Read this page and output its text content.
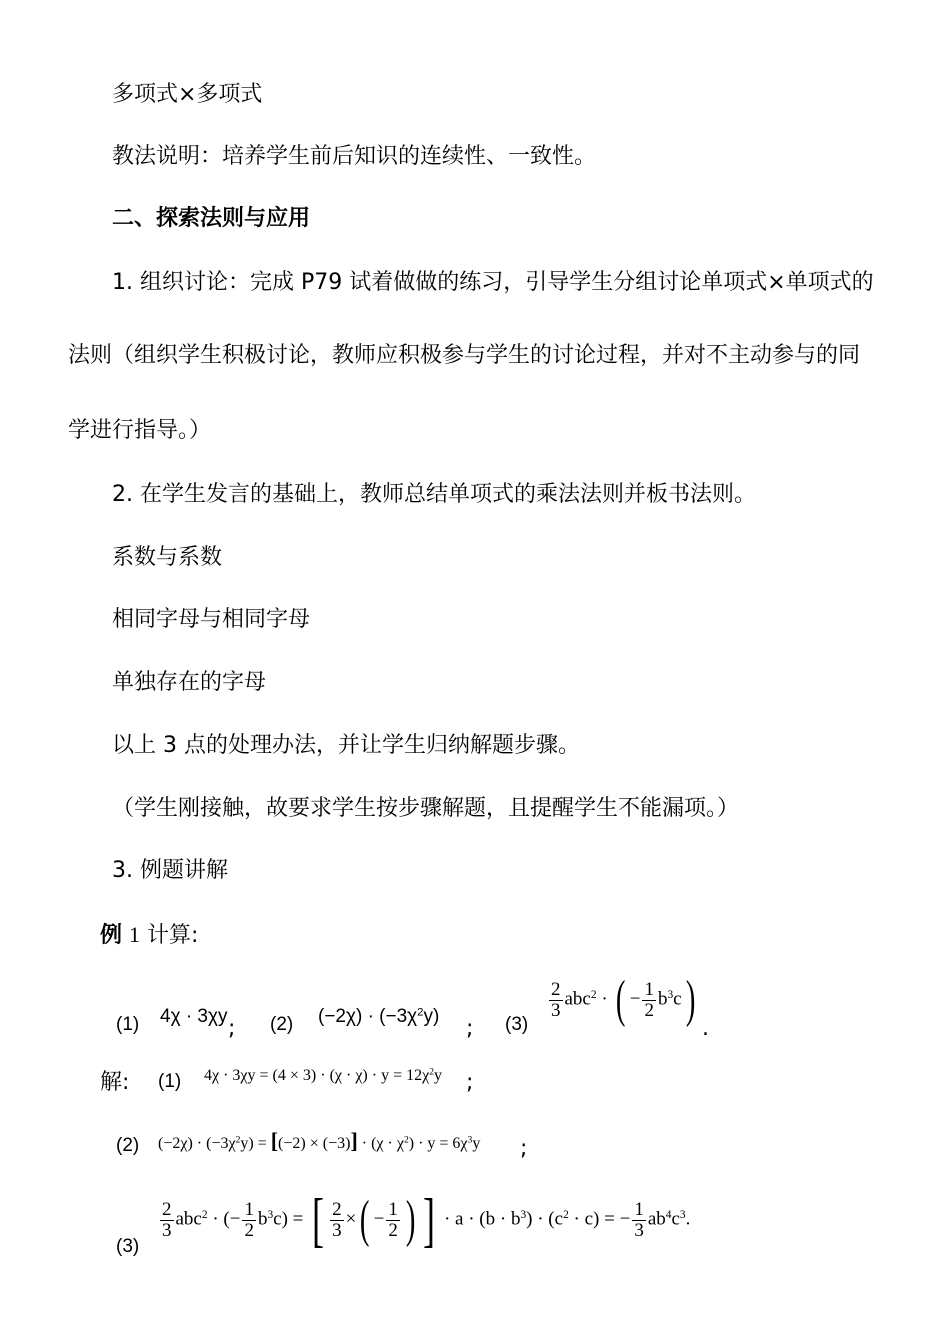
多项式×多项式
教法说明：培养学生前后知识的连续性、一致性。
二、探索法则与应用
1. 组织讨论：完成 P79 试着做做的练习，引导学生分组讨论单项式×单项式的
法则（组织学生积极讨论，教师应积极参与学生的讨论过程，并对不主动参与的同
学进行指导。）
2. 在学生发言的基础上，教师总结单项式的乘法法则并板书法则。
系数与系数
相同字母与相同字母
单独存在的字母
以上 3 点的处理办法，并让学生归纳解题步骤。
（学生刚接触，故要求学生按步骤解题，且提醒学生不能漏项。）
3. 例题讲解
例 1 计算:
(1) 4χ · 3χy ; (2) $(-2\chi) \cdot (-3\chi^2y)$ ; (3)
$\frac{2}{3} abc^2$ · ( − $\frac{1}{2} b^3c$)
.
解: (1) $4\chi \cdot 3\chi y = (4 \times 3) \cdot (\chi \cdot \chi) \cdot y = 12\chi^2y$ ;
(2) $(-2\chi) \cdot (-3\chi^2y) = [(-2) \times (-3)] \cdot (\chi \cdot \chi^2) \cdot y = 6\chi^3y$ ;
(3)
$\frac{2}{3} abc^2$ · (− $\frac{1}{2} b^3c$) = [ $\frac{2}{3}$ ×( − $\frac{1}{2}$ ) ] · $a \cdot (b \cdot b^3) \cdot (c^2 \cdot c)$ = − $\frac{1}{3} ab^4c^3$.
